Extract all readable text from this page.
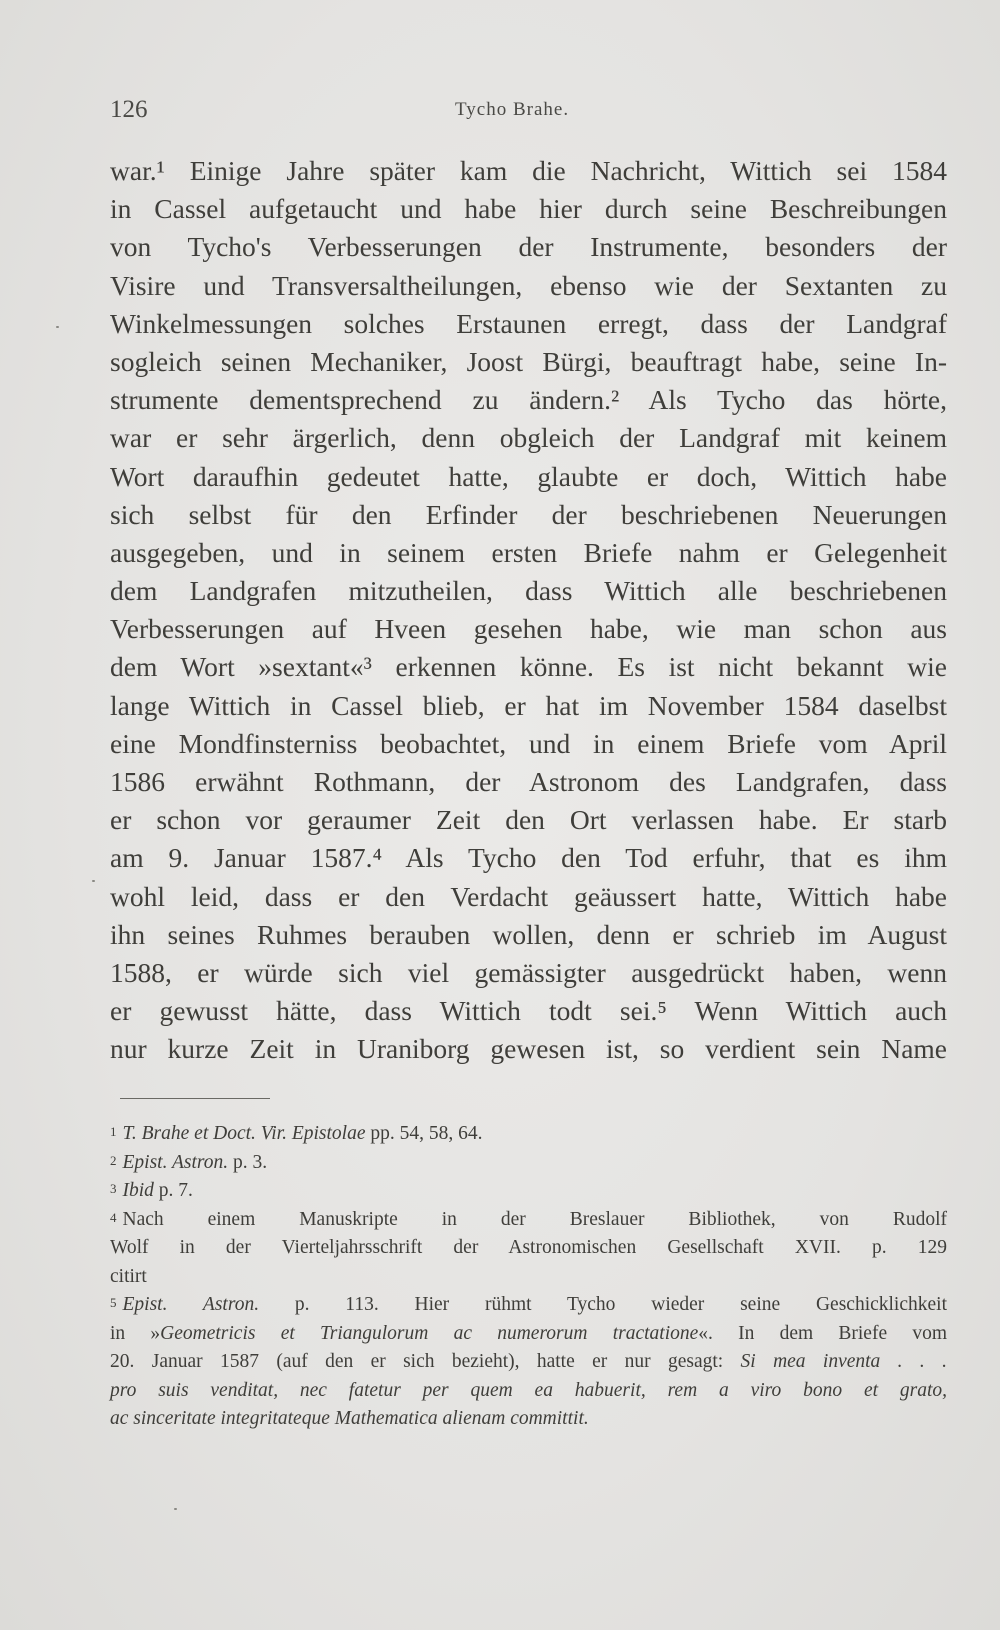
126	Tycho Brahe.
war.¹ Einige Jahre später kam die Nachricht, Wittich sei 1584
in Cassel aufgetaucht und habe hier durch seine Beschreibungen
von Tycho's Verbesserungen der Instrumente, besonders der
Visire und Transversaltheilungen, ebenso wie der Sextanten zu
Winkelmessungen solches Erstaunen erregt, dass der Landgraf
sogleich seinen Mechaniker, Joost Bürgi, beauftragt habe, seine In-
strumente dementsprechend zu ändern.² Als Tycho das hörte,
war er sehr ärgerlich, denn obgleich der Landgraf mit keinem
Wort daraufhin gedeutet hatte, glaubte er doch, Wittich habe
sich selbst für den Erfinder der beschriebenen Neuerungen
ausgegeben, und in seinem ersten Briefe nahm er Gelegenheit
dem Landgrafen mitzutheilen, dass Wittich alle beschriebenen
Verbesserungen auf Hveen gesehen habe, wie man schon aus
dem Wort »sextant«³ erkennen könne. Es ist nicht bekannt wie
lange Wittich in Cassel blieb, er hat im November 1584 daselbst
eine Mondfinsterniss beobachtet, und in einem Briefe vom April
1586 erwähnt Rothmann, der Astronom des Landgrafen, dass
er schon vor geraumer Zeit den Ort verlassen habe. Er starb
am 9. Januar 1587.⁴ Als Tycho den Tod erfuhr, that es ihm
wohl leid, dass er den Verdacht geäussert hatte, Wittich habe
ihn seines Ruhmes berauben wollen, denn er schrieb im August
1588, er würde sich viel gemässigter ausgedrückt haben, wenn
er gewusst hätte, dass Wittich todt sei.⁵ Wenn Wittich auch
nur kurze Zeit in Uraniborg gewesen ist, so verdient sein Name
$^1$ T. Brahe et Doct. Vir. Epistolae pp. 54, 58, 64.
$^2$ Epist. Astron. p. 3.
$^3$ Ibid p. 7.
$^4$ Nach einem Manuskripte in der Breslauer Bibliothek, von Rudolf
Wolf in der Vierteljahrsschrift der Astronomischen Gesellschaft XVII. p. 129
citirt
$^5$ Epist. Astron. p. 113. Hier rühmt Tycho wieder seine Geschicklichkeit
in »Geometricis et Triangulorum ac numerorum tractatione«. In dem Briefe vom
20. Januar 1587 (auf den er sich bezieht), hatte er nur gesagt: Si mea inventa . . .
pro suis venditat, nec fatetur per quem ea habuerit, rem a viro bono et grato,
ac sinceritate integritateque Mathematica alienam committit.
